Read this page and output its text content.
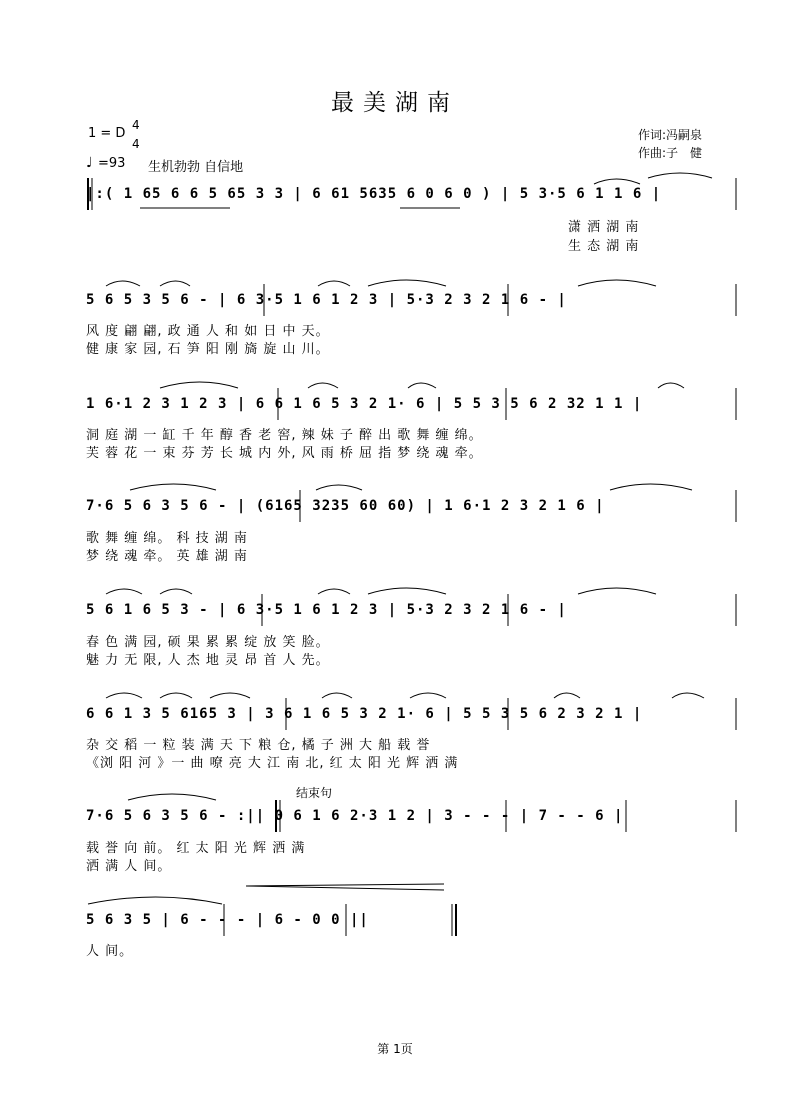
最美湖南
1 = D
4
4
♩ =93 生机勃勃 自信地
作词:冯嗣泉
作曲:子　健
|:( 1 65 6 6 5 65 3 3 | 6 61 5635 6 0 6 0 ) | 5 3·5 6 1 1 6 |
潇 洒 湖 南
生 态 湖 南
5 6 5 3 5 6 - | 6 3·5 1 6 1 2 3 | 5·3 2 3 2 1 6 - |
风 度 翩 翩, 政 通 人 和 如 日 中 天。
健 康 家 园, 石 笋 阳 刚 旖 旋 山 川。
1 6·1 2 3 1 2 3 | 6 6 1 6 5 3 2 1· 6 | 5 5 3 5 6 2 32 1 1 |
洞 庭 湖 一 缸 千 年 醇 香 老 窖, 辣 妹 子 醉 出 歌 舞 缠 绵。
芙 蓉 花 一 束 芬 芳 长 城 内 外, 风 雨 桥 屈 指 梦 绕 魂 牵。
7·6 5 6 3 5 6 - | (6165 3235 60 60) | 1 6·1 2 3 2 1 6 |
歌 舞 缠 绵。 科 技 湖 南
梦 绕 魂 牵。 英 雄 湖 南
5 6 1 6 5 3 - | 6 3·5 1 6 1 2 3 | 5·3 2 3 2 1 6 - |
春 色 满 园, 硕 果 累 累 绽 放 笑 脸。
魅 力 无 限, 人 杰 地 灵 昂 首 人 先。
6 6 1 3 5 6165 3 | 3 6 1 6 5 3 2 1· 6 | 5 5 3 5 6 2 3 2 1 |
杂 交 稻 一 粒 装 满 天 下 粮 仓, 橘 子 洲 大 船 载 誉
《浏 阳 河 》一 曲 嘹 亮 大 江 南 北, 红 太 阳 光 辉 洒 满
结束句
7·6 5 6 3 5 6 - :|| 0 6 1 6 2·3 1 2 | 3 - - - | 7 - - 6 |
载 誉 向 前。 红 太 阳 光 辉 洒 满
洒 满 人 间。
5 6 3 5 | 6 - - - | 6 - 0 0 ||
人 间。
第 1页
